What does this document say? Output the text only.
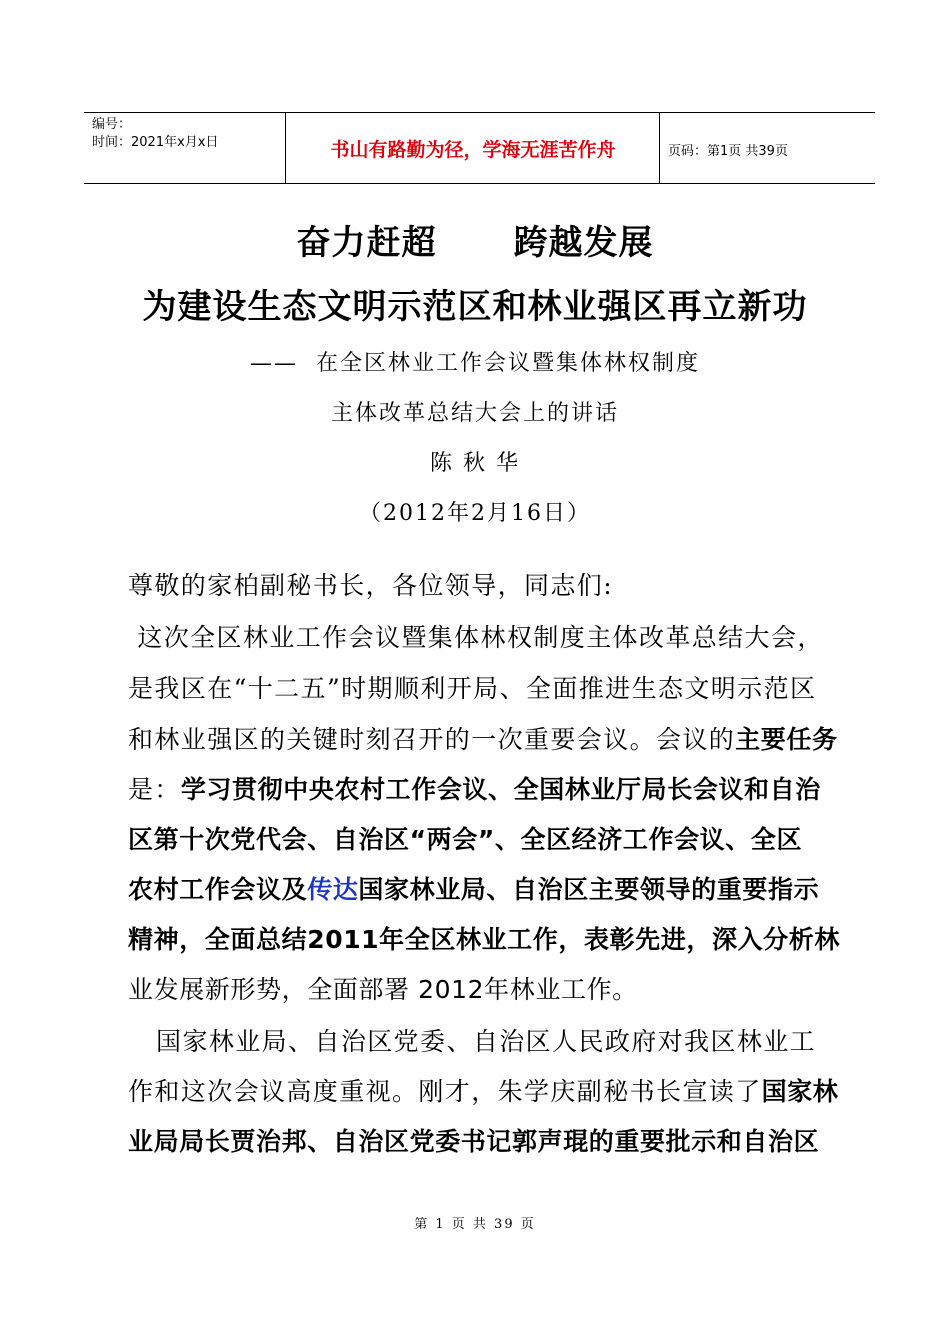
编号：
时间：2021年x月x日	书山有路勤为径，学海无涯苦作舟	页码：第1页 共39页
奋力赶超      跨越发展
为建设生态文明示范区和林业强区再立新功
——  在全区林业工作会议暨集体林权制度
主体改革总结大会上的讲话
陈 秋 华
（2012年2月16日）
尊敬的家柏副秘书长，各位领导，同志们:
这次全区林业工作会议暨集体林权制度主体改革总结大会，
是我区在“十二五”时期顺利开局、全面推进生态文明示范区
和林业强区的关键时刻召开的一次重要会议。会议的主要任务
是：学习贯彻中央农村工作会议、全国林业厅局长会议和自治
区第十次党代会、自治区“两会”、全区经济工作会议、全区
农村工作会议及传达国家林业局、自治区主要领导的重要指示
精神，全面总结2011年全区林业工作，表彰先进，深入分析林
业发展新形势，全面部署 2012年林业工作。
国家林业局、自治区党委、自治区人民政府对我区林业工
作和这次会议高度重视。刚才，朱学庆副秘书长宣读了国家林
业局局长贾治邦、自治区党委书记郭声琨的重要批示和自治区
第 1 页 共 39 页
